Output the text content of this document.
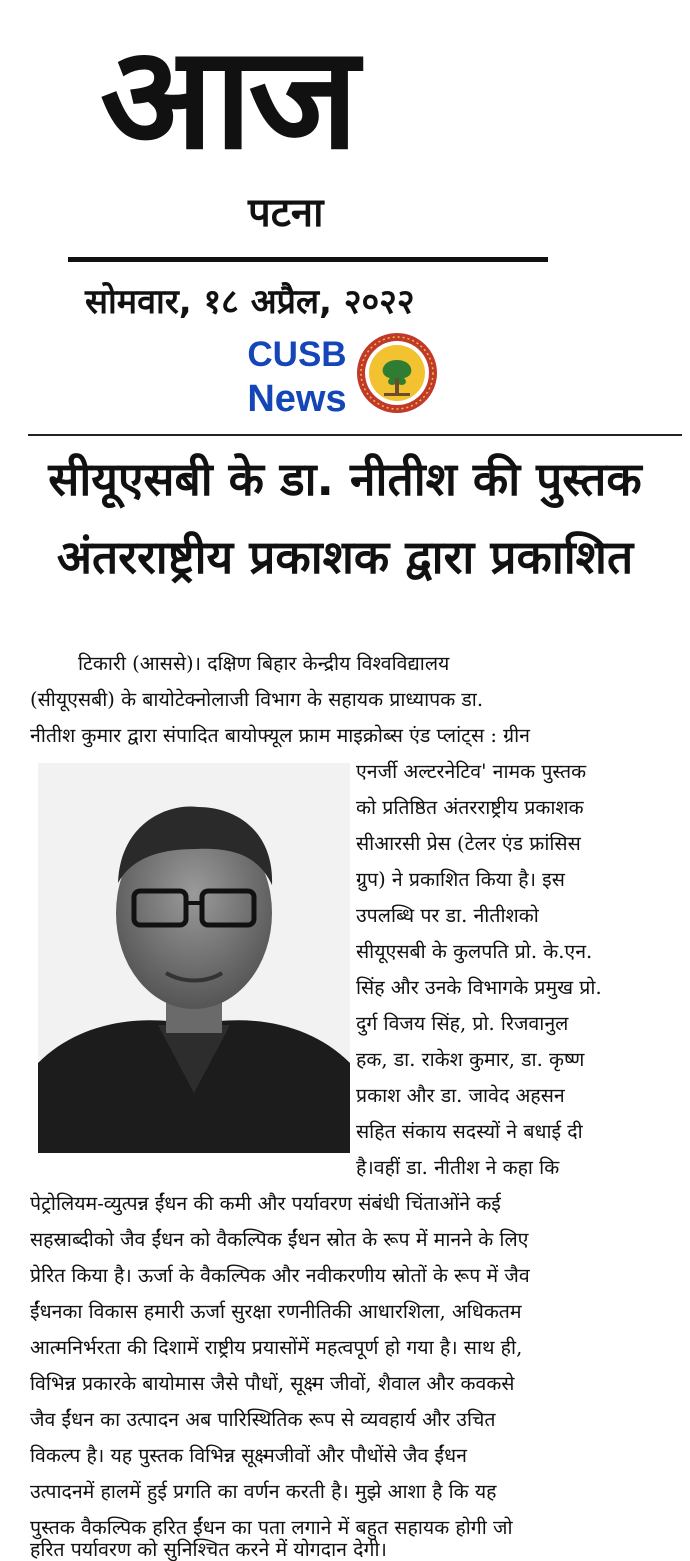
आज
पटना
सोमवार, १८ अप्रैल, २०२२
CUSB
News
सीयूएसबी के डा. नीतीश की पुस्तक
अंतरराष्ट्रीय प्रकाशक द्वारा प्रकाशित
टिकारी (आससे)। दक्षिण बिहार केन्द्रीय विश्वविद्यालय
(सीयूएसबी) के बायोटेक्नोलाजी विभाग के सहायक प्राध्यापक डा.
नीतीश कुमार द्वारा संपादित बायोफ्यूल फ्राम माइक्रोब्स एंड प्लांट्स : ग्रीन
एनर्जी अल्टरनेटिव' नामक पुस्तक
को प्रतिष्ठित अंतरराष्ट्रीय प्रकाशक
सीआरसी प्रेस (टेलर एंड फ्रांसिस
ग्रुप) ने प्रकाशित किया है। इस
उपलब्धि पर डा. नीतीशको
सीयूएसबी के कुलपति प्रो. के.एन.
सिंह और उनके विभागके प्रमुख प्रो.
दुर्ग विजय सिंह, प्रो. रिजवानुल
हक, डा. राकेश कुमार, डा. कृष्ण
प्रकाश और डा. जावेद अहसन
सहित संकाय सदस्यों ने बधाई दी
है।वहीं डा. नीतीश ने कहा कि
पेट्रोलियम-व्युत्पन्न ईंधन की कमी और पर्यावरण संबंधी चिंताओंने कई
सहस्राब्दीको जैव ईंधन को वैकल्पिक ईंधन स्रोत के रूप में मानने के लिए
प्रेरित किया है। ऊर्जा के वैकल्पिक और नवीकरणीय स्रोतों के रूप में जैव
ईंधनका विकास हमारी ऊर्जा सुरक्षा रणनीतिकी आधारशिला, अधिकतम
आत्मनिर्भरता की दिशामें राष्ट्रीय प्रयासोंमें महत्वपूर्ण हो गया है। साथ ही,
विभिन्न प्रकारके बायोमास जैसे पौधों, सूक्ष्म जीवों, शैवाल और कवकसे
जैव ईंधन का उत्पादन अब पारिस्थितिक रूप से व्यवहार्य और उचित
विकल्प है। यह पुस्तक विभिन्न सूक्ष्मजीवों और पौधोंसे जैव ईंधन
उत्पादनमें हालमें हुई प्रगति का वर्णन करती है। मुझे आशा है कि यह
पुस्तक वैकल्पिक हरित ईंधन का पता लगाने में बहुत सहायक होगी जो
हरित पर्यावरण को सुनिश्चित करने में योगदान देगी।
